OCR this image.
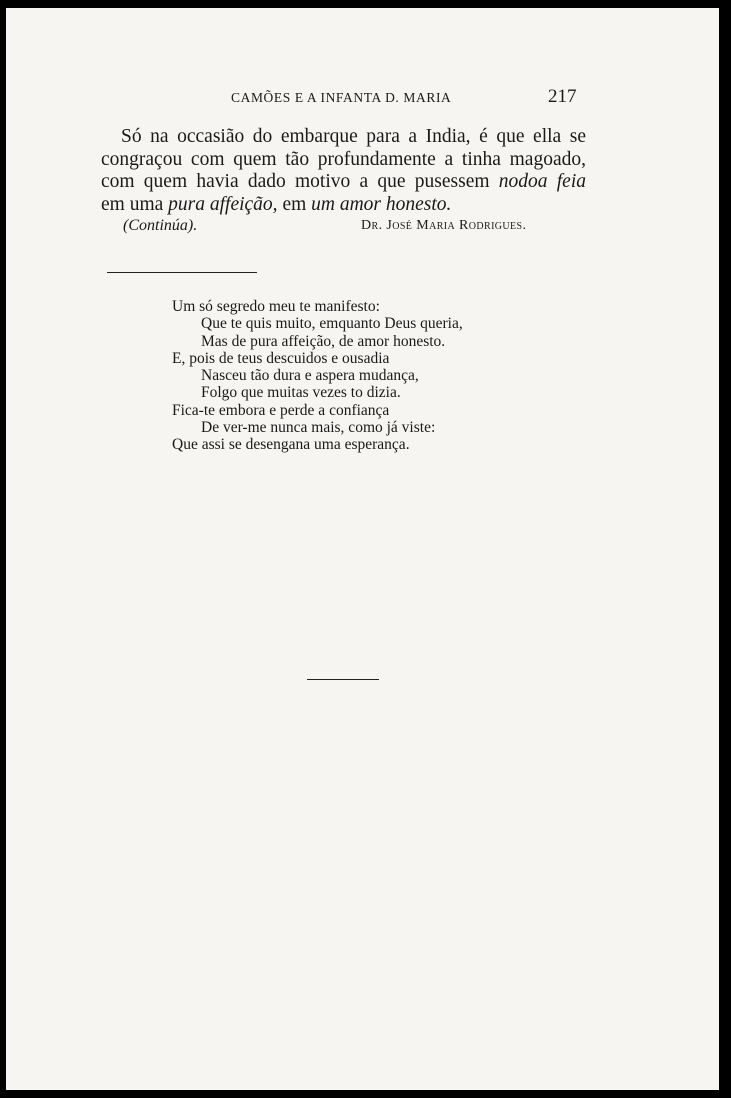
CAMÕES E A INFANTA D. MARIA	217
Só na occasião do embarque para a India, é que ella se
congraçou com quem tão profundamente a tinha magoado,
com quem havia dado motivo a que pusessem nodoa feia
em uma pura affeição, em um amor honesto.
(Continúa).	Dr. José Maria Rodrigues.
Um só segredo meu te manifesto:
Que te quis muito, emquanto Deus queria,
Mas de pura affeição, de amor honesto.
E, pois de teus descuidos e ousadia
Nasceu tão dura e aspera mudança,
Folgo que muitas vezes to dizia.
Fica-te embora e perde a confiança
De ver-me nunca mais, como já viste:
Que assi se desengana uma esperança.
